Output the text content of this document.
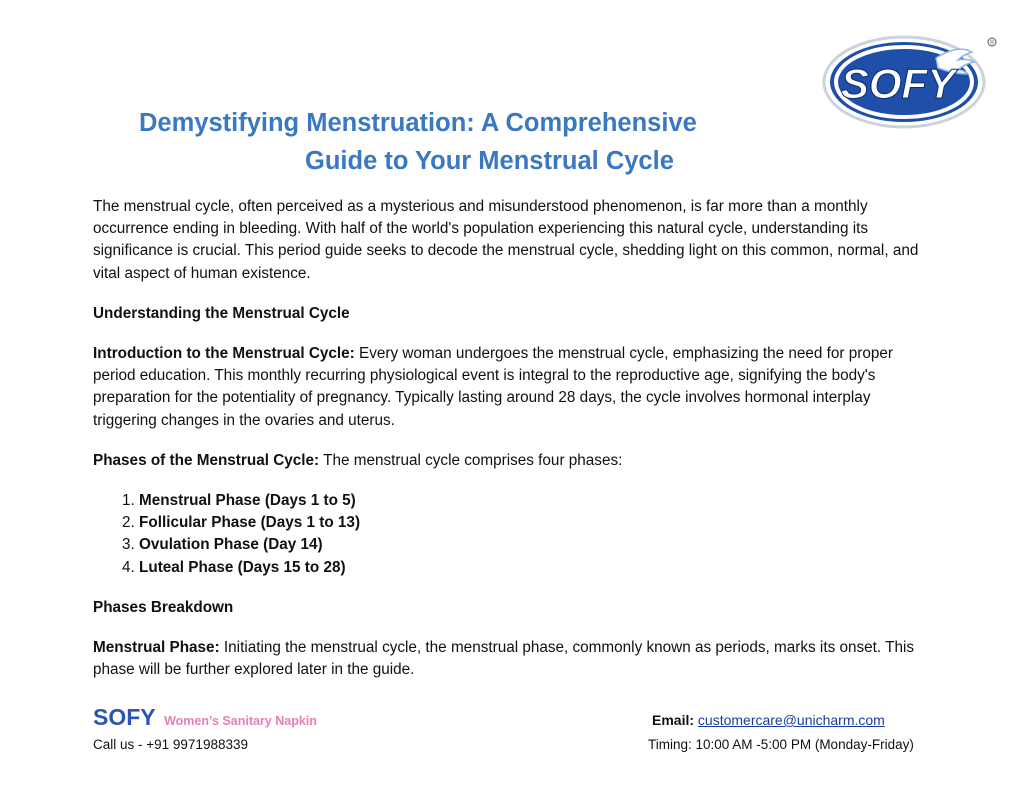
SOFY
®
Demystifying Menstruation: A Comprehensive
Guide to Your Menstrual Cycle

The menstrual cycle, often perceived as a mysterious and misunderstood phenomenon, is far more than a monthly occurrence ending in bleeding. With half of the world's population experiencing this natural cycle, understanding its significance is crucial. This period guide seeks to decode the menstrual cycle, shedding light on this common, normal, and vital aspect of human existence.

Understanding the Menstrual Cycle

Introduction to the Menstrual Cycle: Every woman undergoes the menstrual cycle, emphasizing the need for proper period education. This monthly recurring physiological event is integral to the reproductive age, signifying the body's preparation for the potentiality of pregnancy. Typically lasting around 28 days, the cycle involves hormonal interplay triggering changes in the ovaries and uterus.

Phases of the Menstrual Cycle: The menstrual cycle comprises four phases:

1. Menstrual Phase (Days 1 to 5)
2. Follicular Phase (Days 1 to 13)
3. Ovulation Phase (Day 14)
4. Luteal Phase (Days 15 to 28)

Phases Breakdown

Menstrual Phase: Initiating the menstrual cycle, the menstrual phase, commonly known as periods, marks its onset. This phase will be further explored later in the guide.

SOFY Women’s Sanitary Napkin
Call us - +91 9971988339
Email: customercare@unicharm.com
Timing: 10:00 AM -5:00 PM (Monday-Friday)
